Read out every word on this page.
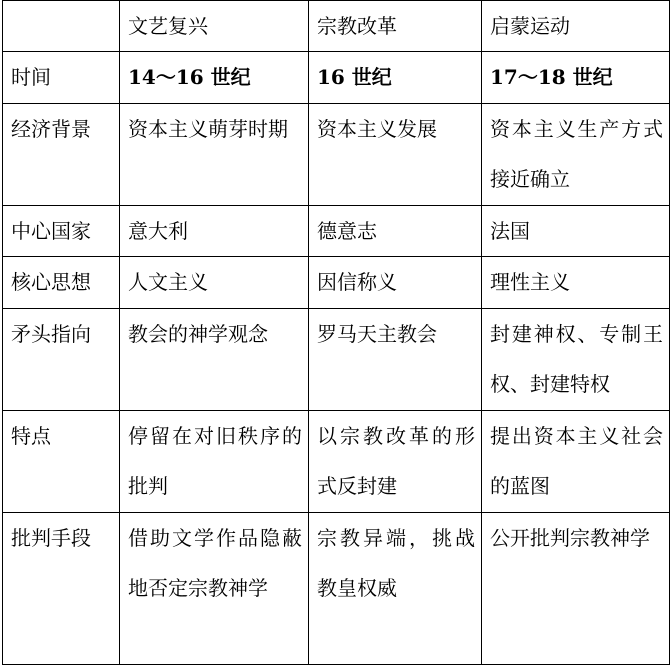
	文艺复兴	宗教改革	启蒙运动
时间	14～16 世纪	16 世纪	17～18 世纪
经济背景	资本主义萌芽时期	资本主义发展	资本主义生产方式接近确立
中心国家	意大利	德意志	法国
核心思想	人文主义	因信称义	理性主义
矛头指向	教会的神学观念	罗马天主教会	封建神权、专制王权、封建特权
特点	停留在对旧秩序的批判	以宗教改革的形式反封建	提出资本主义社会的蓝图
批判手段	借助文学作品隐蔽地否定宗教神学	宗教异端，挑战教皇权威	公开批判宗教神学
